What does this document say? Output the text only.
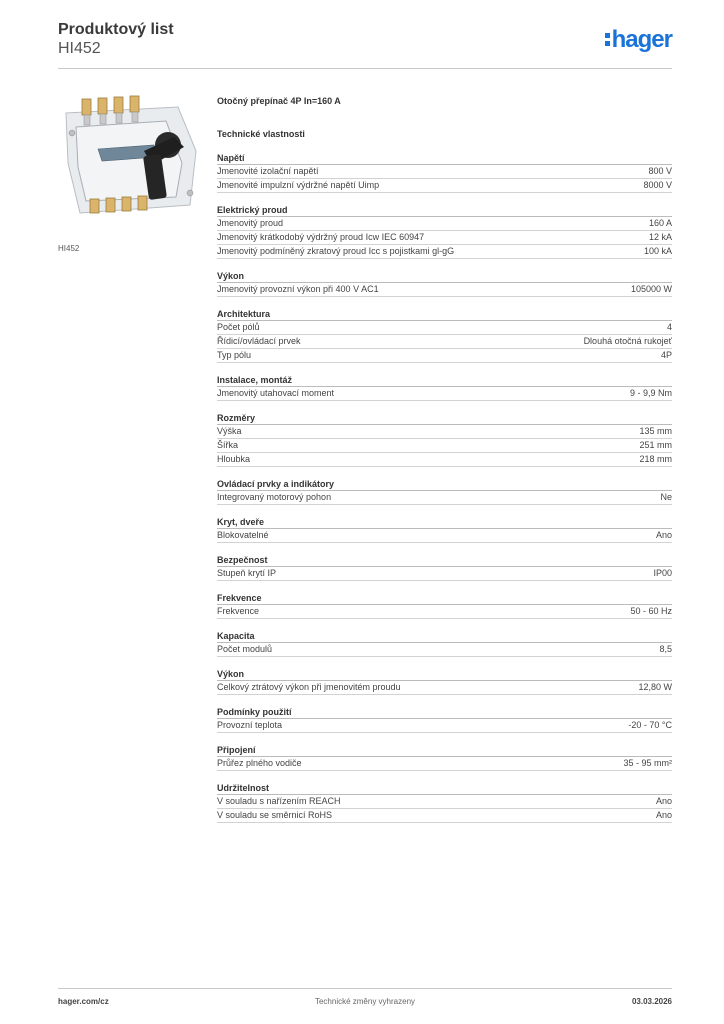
Produktový list
HI452	hager
HI452
Otočný přepínač 4P In=160 A
Technické vlastnosti
Napětí
Jmenovité izolační napětí	800 V
Jmenovité impulzní výdržné napětí Uimp	8000 V
Elektrický proud
Jmenovitý proud	160 A
Jmenovitý krátkodobý výdržný proud Icw IEC 60947	12 kA
Jmenovitý podmíněný zkratový proud Icc s pojistkami gl-gG	100 kA
Výkon
Jmenovitý provozní výkon při 400 V AC1	105000 W
Architektura
Počet pólů	4
Řídicí/ovládací prvek	Dlouhá otočná rukojeť
Typ pólu	4P
Instalace, montáž
Jmenovitý utahovací moment	9 - 9,9 Nm
Rozměry
Výška	135 mm
Šířka	251 mm
Hloubka	218 mm
Ovládací prvky a indikátory
Integrovaný motorový pohon	Ne
Kryt, dveře
Blokovatelné	Ano
Bezpečnost
Stupeň krytí IP	IP00
Frekvence
Frekvence	50 - 60 Hz
Kapacita
Počet modulů	8,5
Výkon
Celkový ztrátový výkon při jmenovitém proudu	12,80 W
Podmínky použití
Provozní teplota	-20 - 70 °C
Připojení
Průřez plného vodiče	35 - 95 mm²
Udržitelnost
V souladu s nařízením REACH	Ano
V souladu se směrnicí RoHS	Ano
hager.com/cz	Technické změny vyhrazeny	03.03.2026
